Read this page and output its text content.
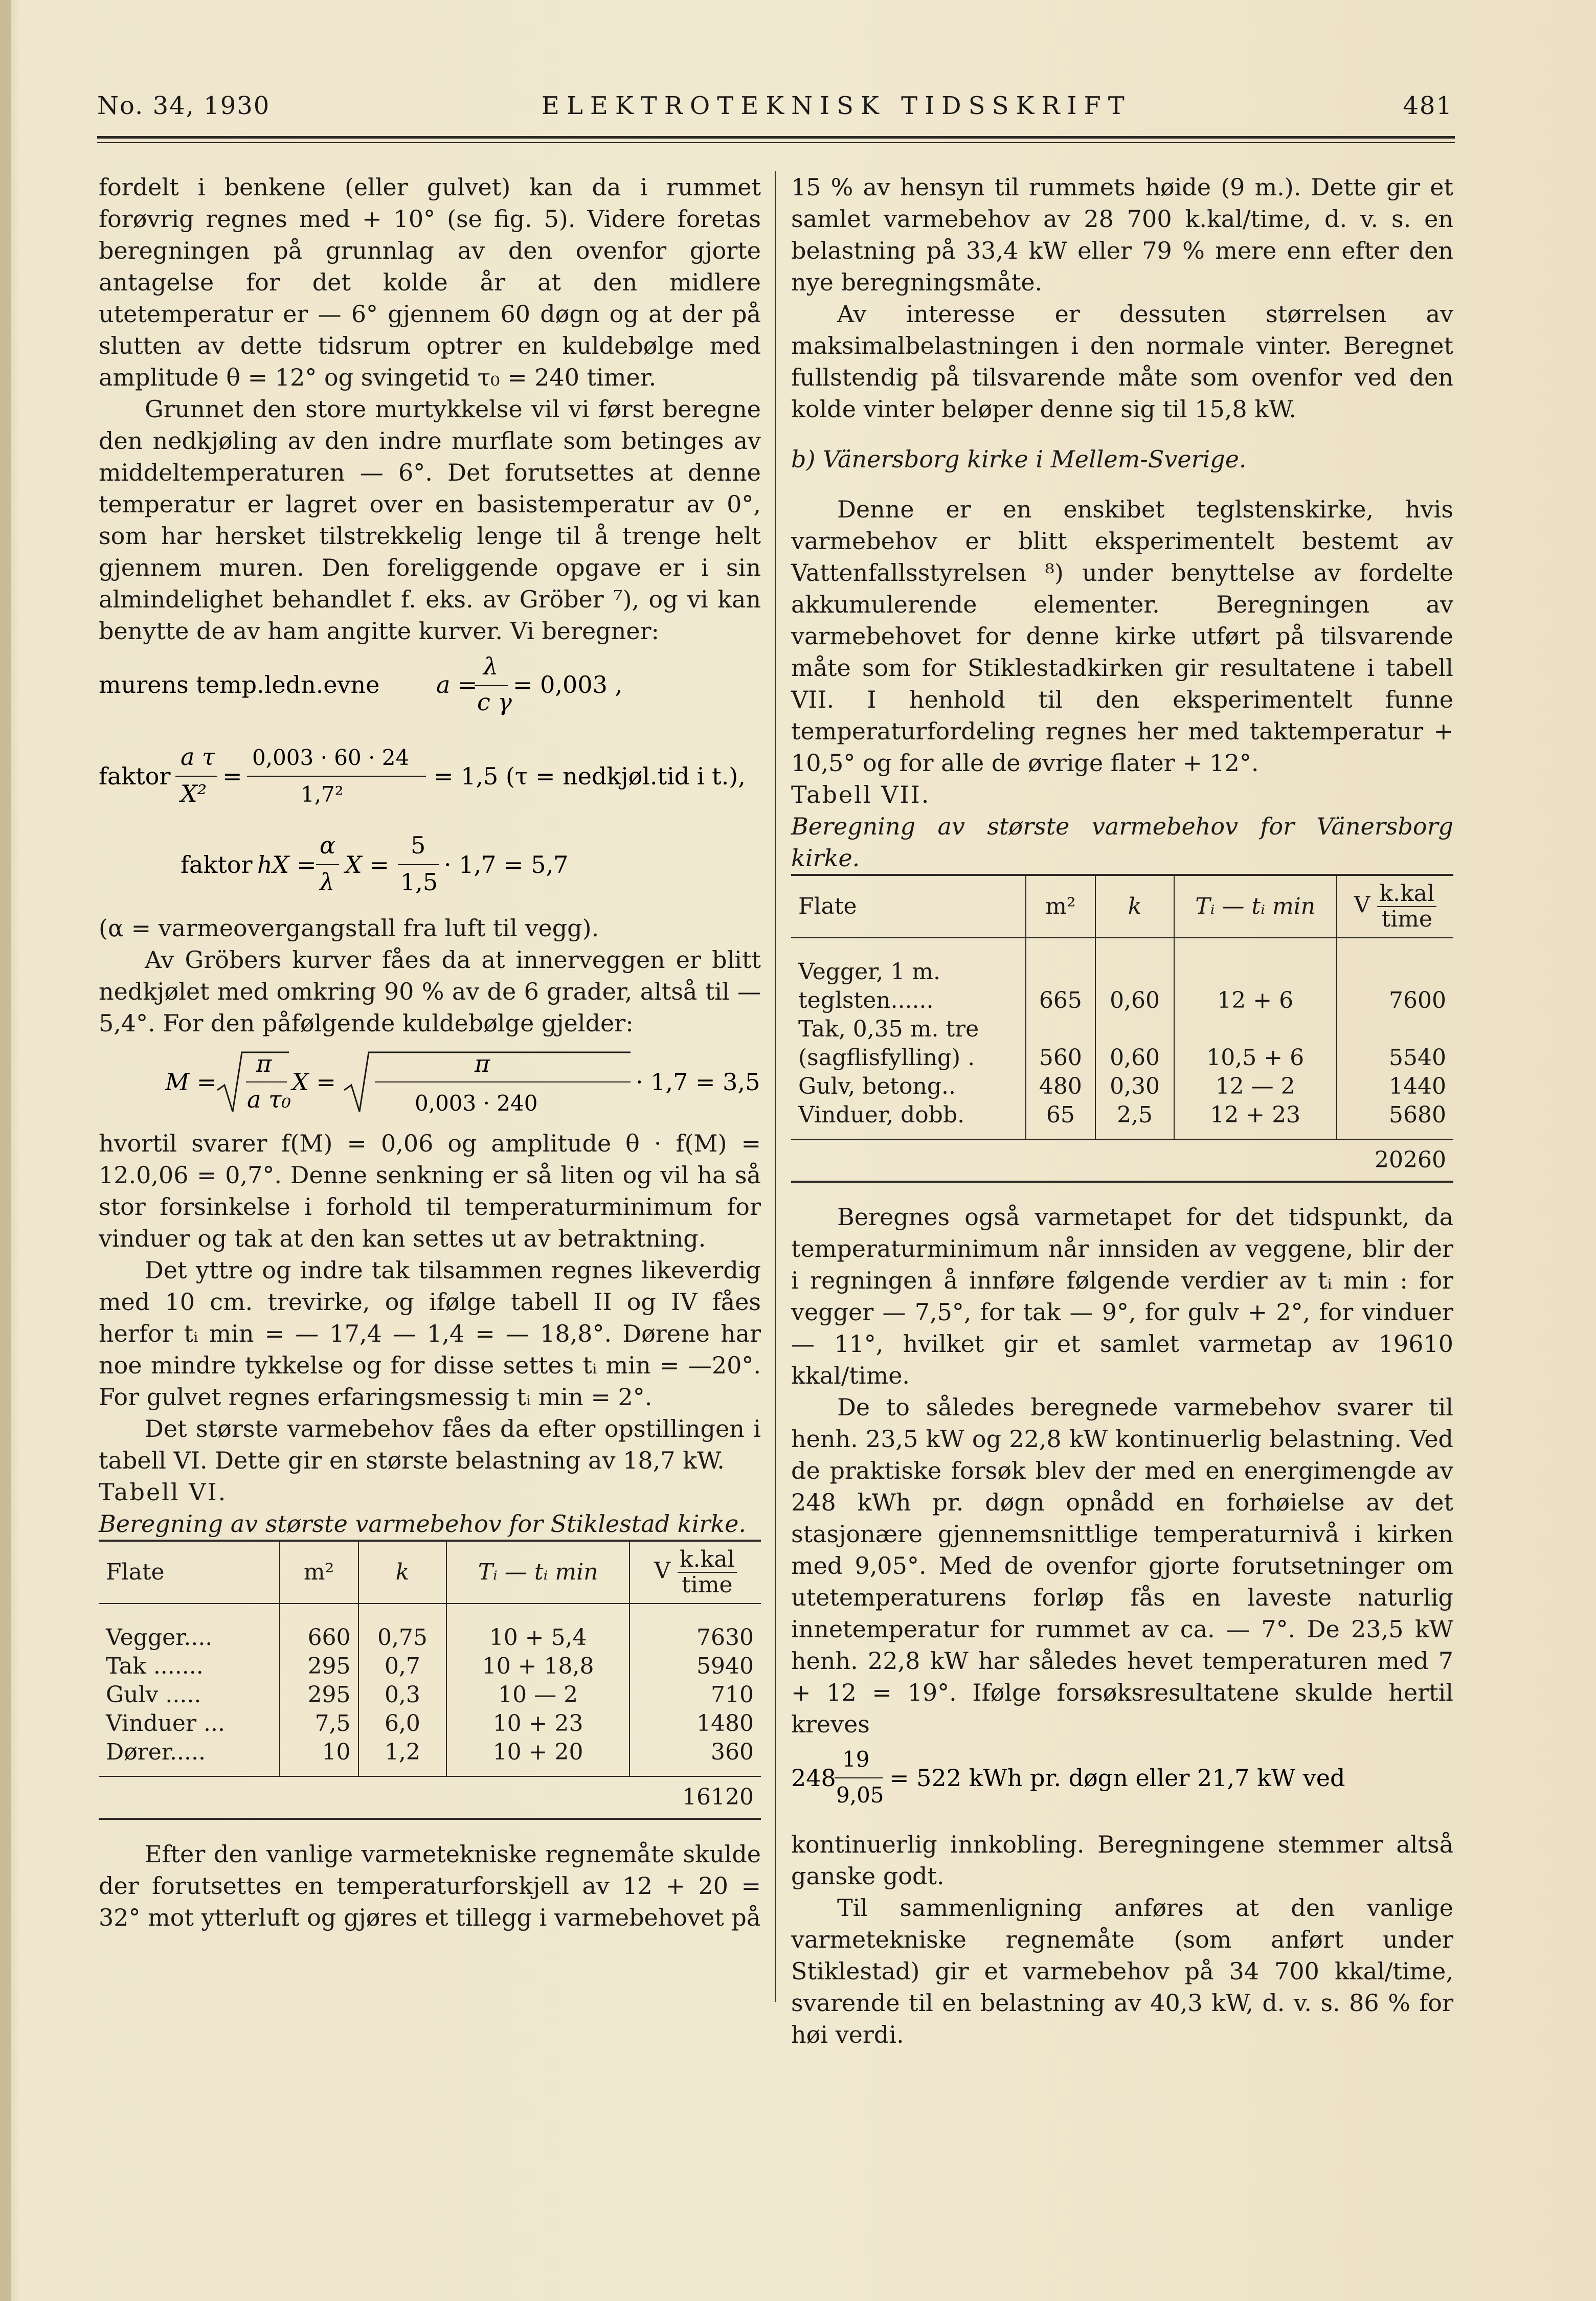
No. 34, 1930	ELEKTROTEKNISK TIDSSKRIFT	481

fordelt i benkene (eller gulvet) kan da i rummet forøvrig regnes med + 10° (se fig. 5). Videre foretas beregningen på grunnlag av den ovenfor gjorte antagelse for det kolde år at den midlere utetemperatur er — 6° gjennem 60 døgn og at der på slutten av dette tidsrum optrer en kuldebølge med amplitude θ = 12° og svingetid τ₀ = 240 timer.

Grunnet den store murtykkelse vil vi først beregne den nedkjøling av den indre murflate som betinges av middeltemperaturen — 6°. Det forutsettes at denne temperatur er lagret over en basistemperatur av 0°, som har hersket tilstrekkelig lenge til å trenge helt gjennem muren. Den foreliggende opgave er i sin almindelighet behandlet f. eks. av Gröber ⁷), og vi kan benytte de av ham angitte kurver. Vi beregner:

murens temp.ledn.evne a =
λ
c γ
= 0,003 ,

faktor
a τ
X²
=
0,003 · 60 · 24
1,7²
= 1,5 (τ = nedkjøl.tid i t.),

faktor hX =
α
λ
X =
5
1,5
· 1,7 = 5,7

(α = varmeovergangstall fra luft til vegg).

Av Gröbers kurver fåes da at innerveggen er blitt nedkjølet med omkring 90 % av de 6 grader, altså til — 5,4°. For den påfølgende kuldebølge gjelder:

M =
π
a τ₀
X =
π
0,003 · 240
· 1,7 = 3,5,

hvortil svarer f(M) = 0,06 og amplitude θ · f(M) = 12.0,06 = 0,7°. Denne senkning er så liten og vil ha så stor forsinkelse i forhold til temperaturminimum for vinduer og tak at den kan settes ut av betraktning.

Det yttre og indre tak tilsammen regnes likeverdig med 10 cm. trevirke, og ifølge tabell II og IV fåes herfor tᵢ min = — 17,4 — 1,4 = — 18,8°. Dørene har noe mindre tykkelse og for disse settes tᵢ min = —20°. For gulvet regnes erfaringsmessig tᵢ min = 2°.

Det største varmebehov fåes da efter opstillingen i tabell VI. Dette gir en største belastning av 18,7 kW.

Tabell VI.

Beregning av største varmebehov for Stiklestad kirke.

Flate	m²	k	Tᵢ — tᵢ min	V k.kal
time

Vegger....	660	0,75	10 + 5,4	7630
Tak .......	295	0,7	10 + 18,8	5940
Gulv .....	295	0,3	10 — 2	710
Vinduer ...	7,5	6,0	10 + 23	1480
Dører.....	10	1,2	10 + 20	360
16120				

Efter den vanlige varmetekniske regnemåte skulde der forutsettes en temperaturforskjell av 12 + 20 = 32° mot ytterluft og gjøres et tillegg i varmebehovet på

15 % av hensyn til rummets høide (9 m.). Dette gir et samlet varmebehov av 28 700 k.kal/time, d. v. s. en belastning på 33,4 kW eller 79 % mere enn efter den nye beregningsmåte.

Av interesse er dessuten størrelsen av maksimalbelastningen i den normale vinter. Beregnet fullstendig på tilsvarende måte som ovenfor ved den kolde vinter beløper denne sig til 15,8 kW.

b) Vänersborg kirke i Mellem-Sverige.

Denne er en enskibet teglstenskirke, hvis varmebehov er blitt eksperimentelt bestemt av Vattenfallsstyrelsen ⁸) under benyttelse av fordelte akkumulerende elementer. Beregningen av varmebehovet for denne kirke utført på tilsvarende måte som for Stiklestadkirken gir resultatene i tabell VII. I henhold til den eksperimentelt funne temperaturfordeling regnes her med taktemperatur + 10,5° og for alle de øvrige flater + 12°.

Tabell VII.

Beregning av største varmebehov for Vänersborg kirke.

Flate	m²	k	Tᵢ — tᵢ min	V k.kal
time

Vegger, 1 m.				
teglsten......	665	0,60	12 + 6	7600
Tak, 0,35 m. tre				
(sagflisfylling) .	560	0,60	10,5 + 6	5540
Gulv, betong..	480	0,30	12 — 2	1440
Vinduer, dobb.	65	2,5	12 + 23	5680
20260				

Beregnes også varmetapet for det tidspunkt, da temperaturminimum når innsiden av veggene, blir der i regningen å innføre følgende verdier av tᵢ min : for vegger — 7,5°, for tak — 9°, for gulv + 2°, for vinduer — 11°, hvilket gir et samlet varmetap av 19610 kkal/time.

De to således beregnede varmebehov svarer til henh. 23,5 kW og 22,8 kW kontinuerlig belastning. Ved de praktiske forsøk blev der med en energimengde av 248 kWh pr. døgn opnådd en forhøielse av det stasjonære gjennemsnittlige temperaturnivå i kirken med 9,05°. Med de ovenfor gjorte forutsetninger om utetemperaturens forløp fås en laveste naturlig innetemperatur for rummet av ca. — 7°. De 23,5 kW henh. 22,8 kW har således hevet temperaturen med 7 + 12 = 19°. Ifølge forsøksresultatene skulde hertil kreves

248
19
9,05
= 522 kWh pr. døgn eller 21,7 kW ved

kontinuerlig innkobling. Beregningene stemmer altså ganske godt.

Til sammenligning anføres at den vanlige varmetekniske regnemåte (som anført under Stiklestad) gir et varmebehov på 34 700 kkal/time, svarende til en belastning av 40,3 kW, d. v. s. 86 % for høi verdi.
